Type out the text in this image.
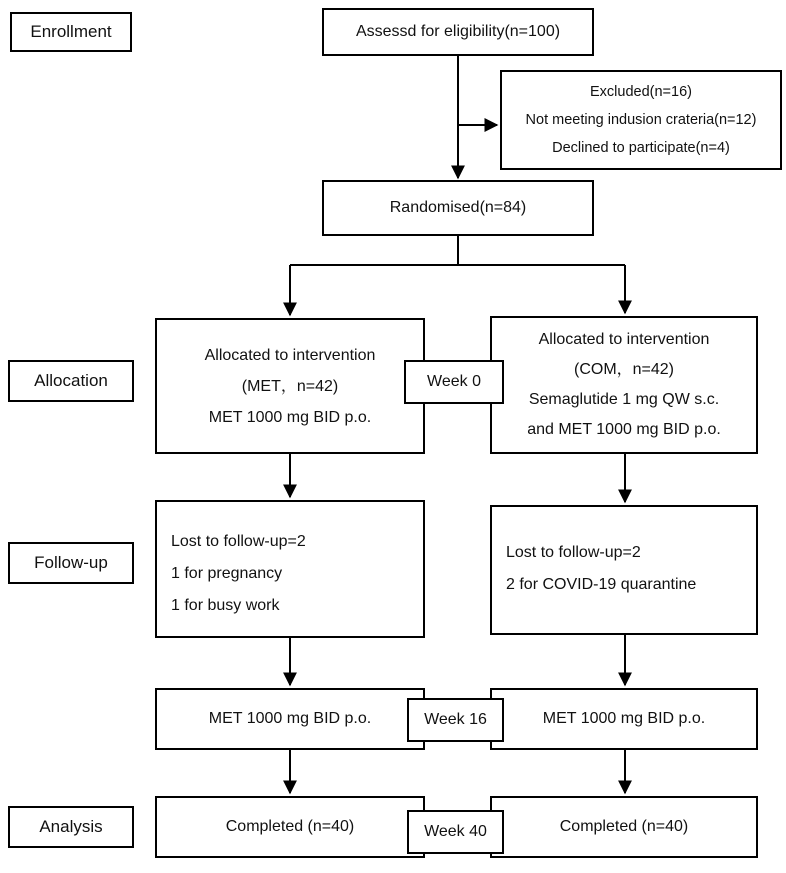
Enrollment
Allocation
Follow-up
Analysis
Assessd for eligibility(n=100)
Excluded(n=16)
Not meeting indusion crateria(n=12)
Declined to participate(n=4)
Randomised(n=84)
Allocated to intervention
(MET，n=42)
MET 1000 mg BID p.o.
Allocated to intervention
(COM，n=42)
Semaglutide 1 mg QW s.c.
and MET 1000 mg BID p.o.
Lost to follow-up=2
1 for pregnancy
1 for busy work
Lost to follow-up=2
2 for COVID-19 quarantine
MET 1000 mg BID p.o.	MET 1000 mg BID p.o.
Completed (n=40)	Completed (n=40)
Week 0
Week 16
Week 40
